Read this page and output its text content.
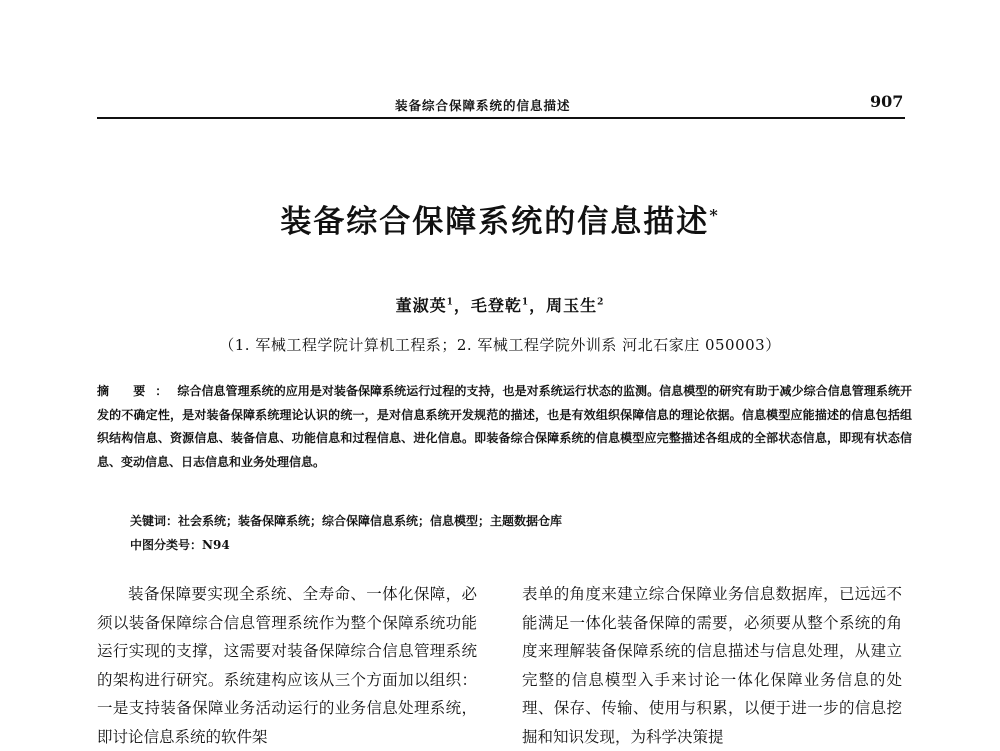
装备综合保障系统的信息描述	907
装备综合保障系统的信息描述*
董淑英$^1$，毛登乾$^1$，周玉生$^2$
（1. 军械工程学院计算机工程系；2. 军械工程学院外训系 河北石家庄 050003）
摘 要：综合信息管理系统的应用是对装备保障系统运行过程的支持，也是对系统运行状态的监测。信息模型的研究有助于减少综合信息管理系统开发的不确定性，是对装备保障系统理论认识的统一，是对信息系统开发规范的描述，也是有效组织保障信息的理论依据。信息模型应能描述的信息包括组织结构信息、资源信息、装备信息、功能信息和过程信息、进化信息。即装备综合保障系统的信息模型应完整描述各组成的全部状态信息，即现有状态信息、变动信息、日志信息和业务处理信息。
关键词：社会系统；装备保障系统；综合保障信息系统；信息模型；主题数据仓库
中图分类号：N94
装备保障要实现全系统、全寿命、一体化保障，必须以装备保障综合信息管理系统作为整个保障系统功能运行实现的支撑，这需要对装备保障综合信息管理系统的架构进行研究。系统建构应该从三个方面加以组织：一是支持装备保障业务活动运行的业务信息处理系统，即讨论信息系统的软件架
表单的角度来建立综合保障业务信息数据库，已远远不能满足一体化装备保障的需要，必须要从整个系统的角度来理解装备保障系统的信息描述与信息处理，从建立完整的信息模型入手来讨论一体化保障业务信息的处理、保存、传输、使用与积累，以便于进一步的信息挖掘和知识发现，为科学决策提
